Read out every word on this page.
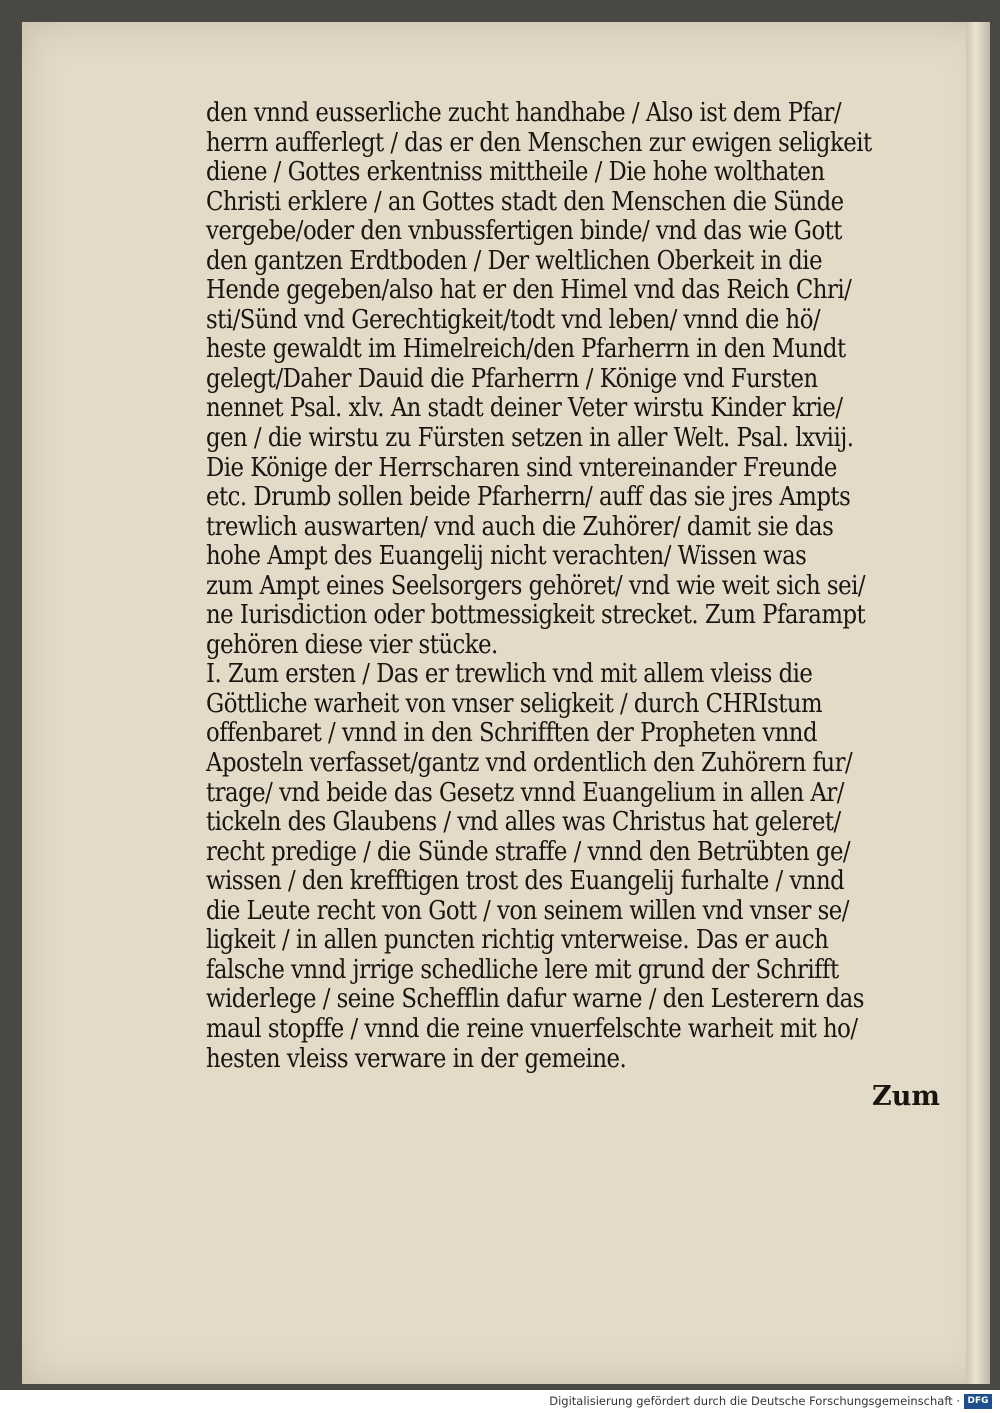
den vnnd eusserliche zucht handhabe / Also ist dem Pfar/
herrn aufferlegt / das er den Menschen zur ewigen seligkeit
diene / Gottes erkentniss mittheile / Die hohe wolthaten
Christi erklere / an Gottes stadt den Menschen die Sünde
vergebe/oder den vnbussfertigen binde/ vnd das wie Gott
den gantzen Erdtboden / Der weltlichen Oberkeit in die
Hende gegeben/also hat er den Himel vnd das Reich Chri/
sti/Sünd vnd Gerechtigkeit/todt vnd leben/ vnnd die hö/
heste gewaldt im Himelreich/den Pfarherrn in den Mundt
gelegt/Daher Dauid die Pfarherrn / Könige vnd Fursten
nennet Psal. xlv. An stadt deiner Veter wirstu Kinder krie/
gen / die wirstu zu Fürsten setzen in aller Welt. Psal. lxviij.
Die Könige der Herrscharen sind vntereinander Freunde
etc. Drumb sollen beide Pfarherrn/ auff das sie jres Ampts
trewlich auswarten/ vnd auch die Zuhörer/ damit sie das
hohe Ampt des Euangelij nicht verachten/ Wissen was
zum Ampt eines Seelsorgers gehöret/ vnd wie weit sich sei/
ne Iurisdiction oder bottmessigkeit strecket. Zum Pfarampt
gehören diese vier stücke.
I. Zum ersten / Das er trewlich vnd mit allem vleiss die
Göttliche warheit von vnser seligkeit / durch CHRIstum
offenbaret / vnnd in den Schrifften der Propheten vnnd
Aposteln verfasset/gantz vnd ordentlich den Zuhörern fur/
trage/ vnd beide das Gesetz vnnd Euangelium in allen Ar/
tickeln des Glaubens / vnd alles was Christus hat geleret/
recht predige / die Sünde straffe / vnnd den Betrübten ge/
wissen / den krefftigen trost des Euangelij furhalte / vnnd
die Leute recht von Gott / von seinem willen vnd vnser se/
ligkeit / in allen puncten richtig vnterweise. Das er auch
falsche vnnd jrrige schedliche lere mit grund der Schrifft
widerlege / seine Schefflin dafur warne / den Lesterern das
maul stopffe / vnnd die reine vnuerfelschte warheit mit ho/
hesten vleiss verware in der gemeine.
Zum
Digitalisierung gefördert durch die Deutsche Forschungsgemeinschaft · DFG
